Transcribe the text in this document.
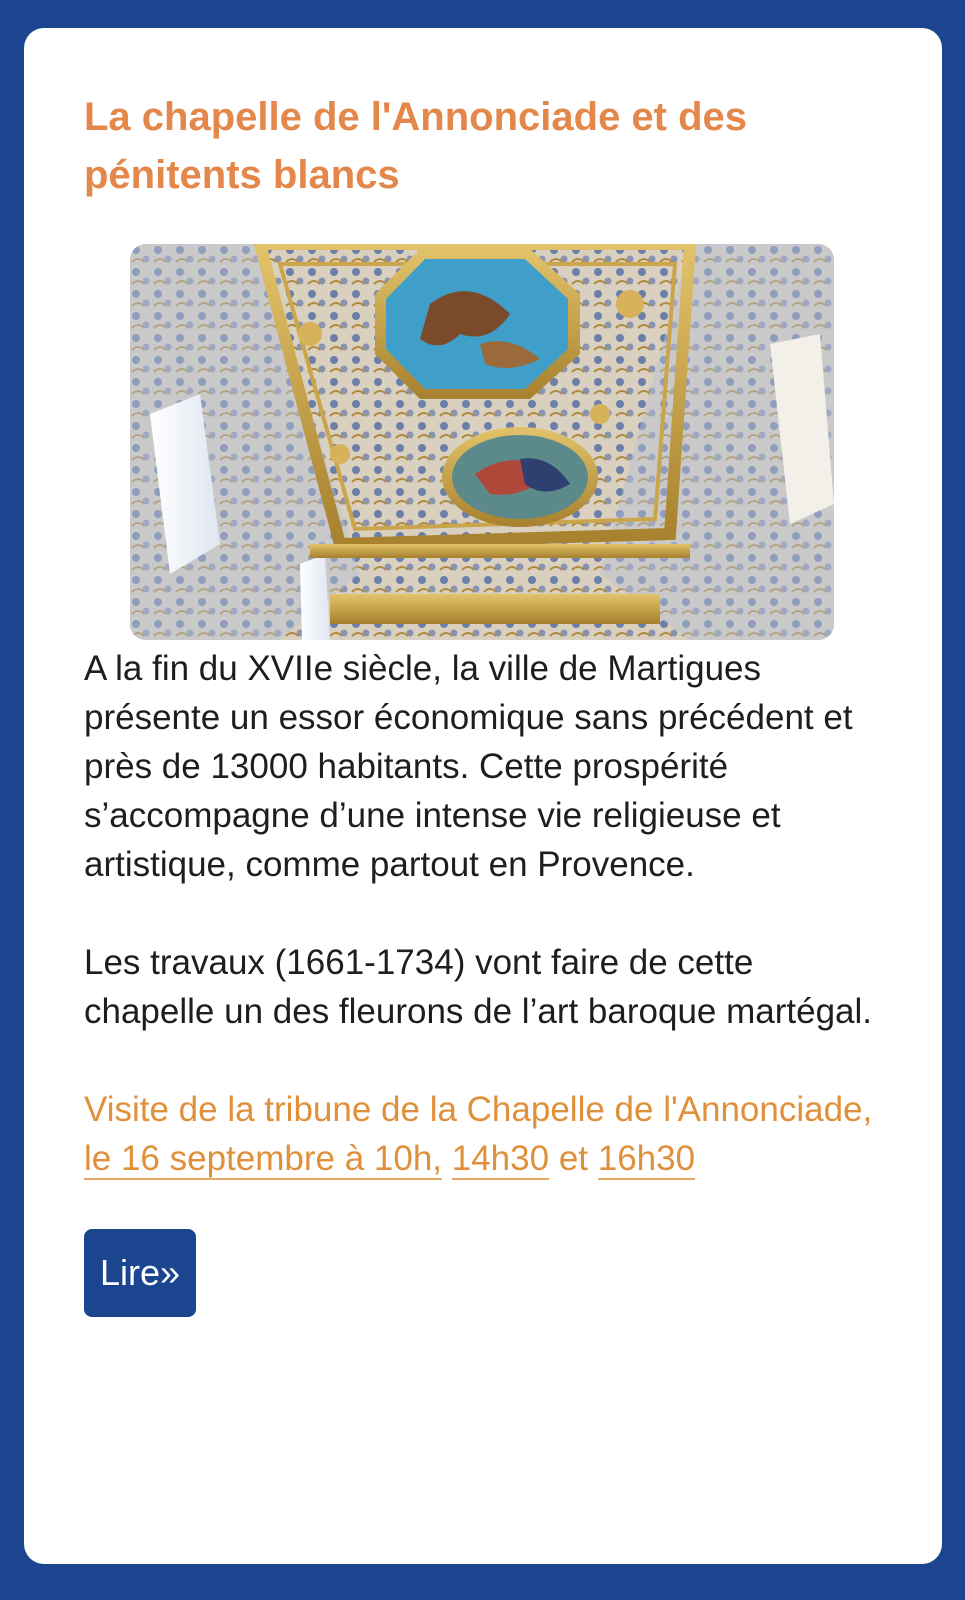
La chapelle de l'Annonciade et des pénitents blancs

A la fin du XVIIe siècle, la ville de Martigues présente un essor économique sans précédent et près de 13000 habitants. Cette prospérité s’accompagne d’une intense vie religieuse et artistique, comme partout en Provence.

Les travaux (1661-1734) vont faire de cette chapelle un des fleurons de l’art baroque martégal.

Visite de la tribune de la Chapelle de l'Annonciade, le 16 septembre à 10h, 14h30 et 16h30

Lire»
